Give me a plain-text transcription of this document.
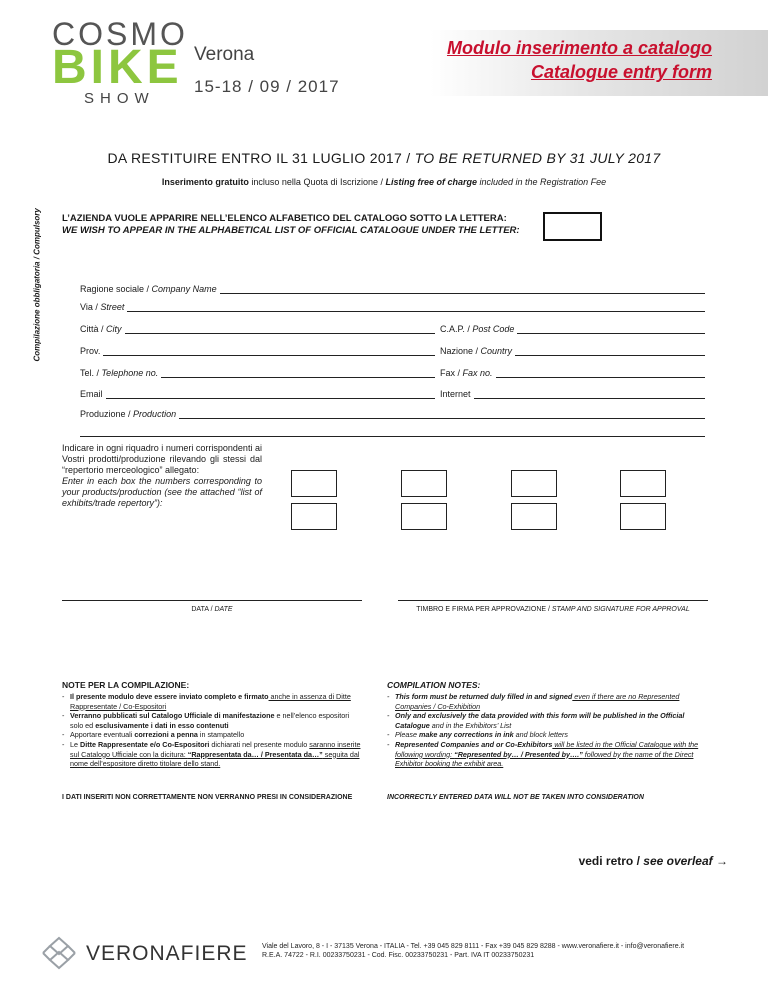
COSMO
BIKE
SHOW
Verona
15-18 / 09 / 2017
Modulo inserimento a catalogo
Catalogue entry form
DA RESTITUIRE ENTRO IL 31 LUGLIO 2017 / TO BE RETURNED BY 31 JULY 2017
Inserimento gratuito incluso nella Quota di Iscrizione / Listing free of charge included in the Registration Fee
L’AZIENDA VUOLE APPARIRE NELL’ELENCO ALFABETICO DEL CATALOGO SOTTO LA LETTERA:
WE WISH TO APPEAR IN THE ALPHABETICAL LIST OF OFFICIAL CATALOGUE UNDER THE LETTER:
Compilazione obbligatoria / Compulsory	Ragione sociale / Company Name
Via / Street
Città / City	C.A.P. / Post Code
Prov.	Nazione / Country
Tel. / Telephone no.	Fax / Fax no.
Email	Internet
Produzione / Production
Indicare in ogni riquadro i numeri corrispondenti ai Vostri prodotti/produzione rilevando gli stessi dal “repertorio merceologico” allegato:
Enter in each box the numbers corresponding to your products/production (see the attached “list of exhibits/trade repertory”):
DATA / DATE	TIMBRO E FIRMA PER APPROVAZIONE / STAMP AND SIGNATURE FOR APPROVAL
NOTE PER LA COMPILAZIONE:
- Il presente modulo deve essere inviato completo e firmato anche in assenza di Ditte Rappresentate / Co-Espositori
- Verranno pubblicati sul Catalogo Ufficiale di manifestazione e nell’elenco espositori solo ed esclusivamente i dati in esso contenuti
- Apportare eventuali correzioni a penna in stampatello
- Le Ditte Rappresentate e/o Co-Espositori dichiarati nel presente modulo saranno inserite sul Catalogo Ufficiale con la dicitura: “Rappresentata da… / Presentata da…” seguita dal nome dell’espositore diretto titolare dello stand.
I DATI INSERITI NON CORRETTAMENTE NON VERRANNO PRESI IN CONSIDERAZIONE
COMPILATION NOTES:
- This form must be returned duly filled in and signed even if there are no Represented Companies / Co-Exhibition
- Only and exclusively the data provided with this form will be published in the Official Catalogue and in the Exhibitors’ List
- Please make any corrections in ink and block letters
- Represented Companies and or Co-Exhibitors will be listed in the Official Catalogue with the following wording: “Represented by… / Presented by….” followed by the name of the Direct Exhibitor booking the exhibit area.
INCORRECTLY ENTERED DATA WILL NOT BE TAKEN INTO CONSIDERATION
vedi retro / see overleaf →
VERONAFIERE Viale del Lavoro, 8 - I - 37135 Verona - ITALIA - Tel. +39 045 829 8111 - Fax +39 045 829 8288 - www.veronafiere.it - info@veronafiere.it
R.E.A. 74722 - R.I. 00233750231 - Cod. Fisc. 00233750231 - Part. IVA IT 00233750231
